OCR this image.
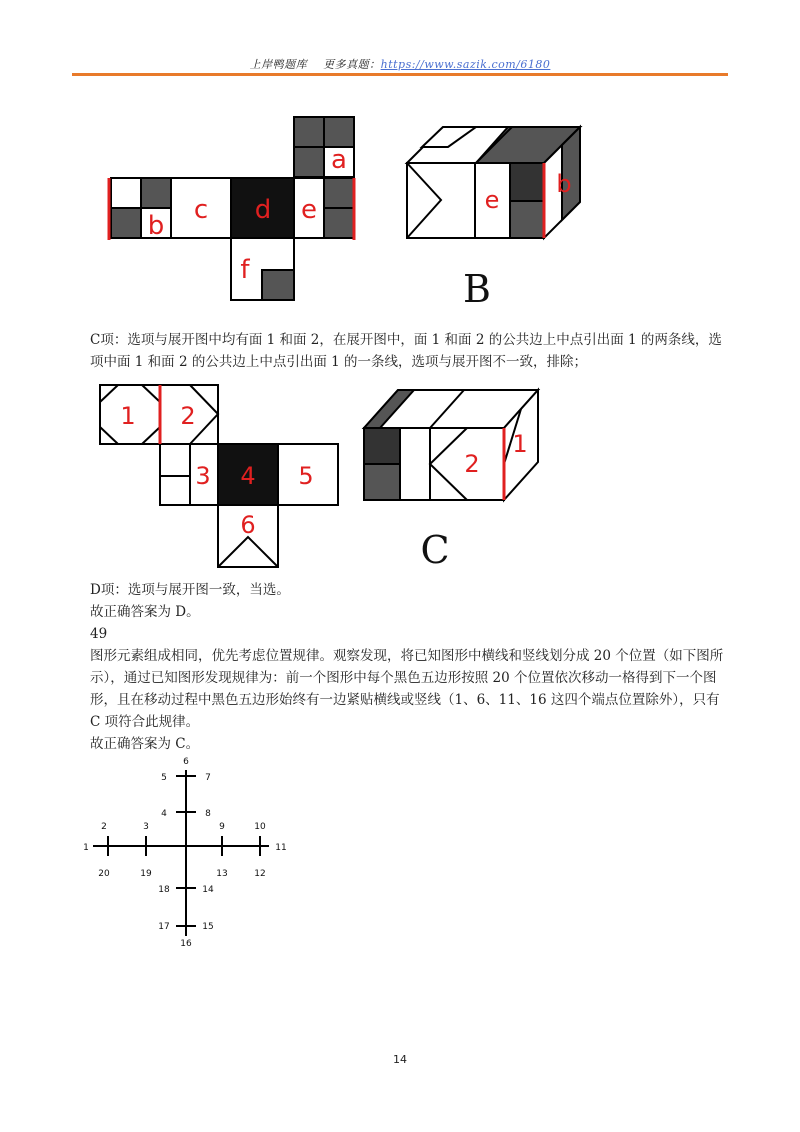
上岸鸭题库 更多真题：https://www.sazik.com/6180
a
b
c d e
f
e
b
B
C项：选项与展开图中均有面 1 和面 2，在展开图中，面 1 和面 2 的公共边上中点引出面 1 的两条线，选项中面 1 和面 2 的公共边上中点引出面 1 的一条线，选项与展开图不一致，排除；
1 2
3 4 5
6
2
1
C
D项：选项与展开图一致，当选。
故正确答案为 D。
49
图形元素组成相同，优先考虑位置规律。观察发现，将已知图形中横线和竖线划分成 20 个位置（如下图所示），通过已知图形发现规律为：前一个图形中每个黑色五边形按照 20 个位置依次移动一格得到下一个图形，且在移动过程中黑色五边形始终有一边紧贴横线或竖线（1、6、11、16 这四个端点位置除外），只有 C 项符合此规律。
故正确答案为 C。
1
2	3
4
5
6
7
8
9	10
11
12
13
14
15
16
17
18
19
20
14
